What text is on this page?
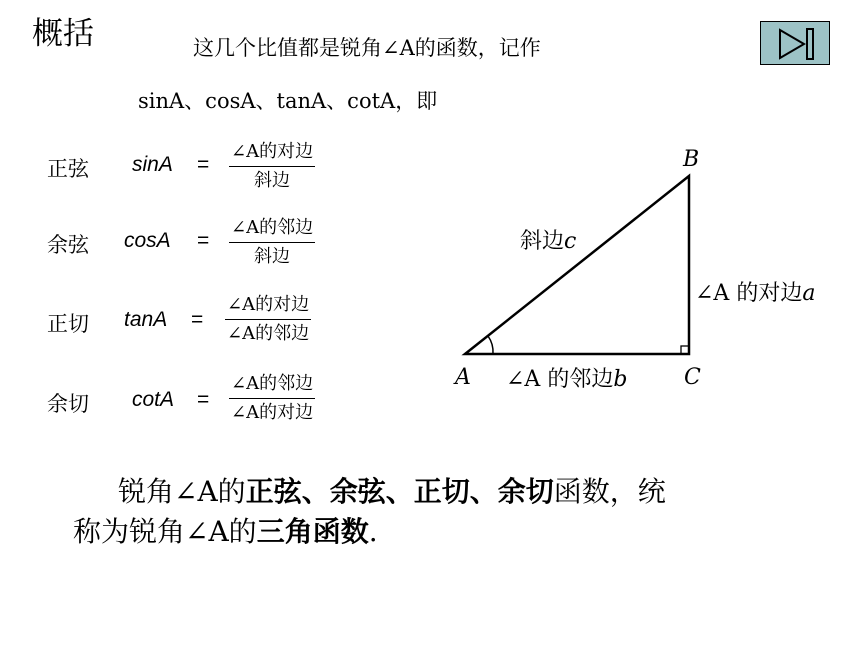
概括	这几个比值都是锐角∠A的函数，记作
sinA、cosA、tanA、cotA，即
正弦 sinA =
∠A的对边
斜边
余弦 cosA =
∠A的邻边
斜边
正切 tanA =
∠A的对边
∠A的邻边
余切 cotA =
∠A的邻边
∠A的对边
A
B
C
斜边c
∠A 的对边a
∠A 的邻边b
锐角∠A的正弦、余弦、正切、余切函数，统
称为锐角∠A的三角函数.
